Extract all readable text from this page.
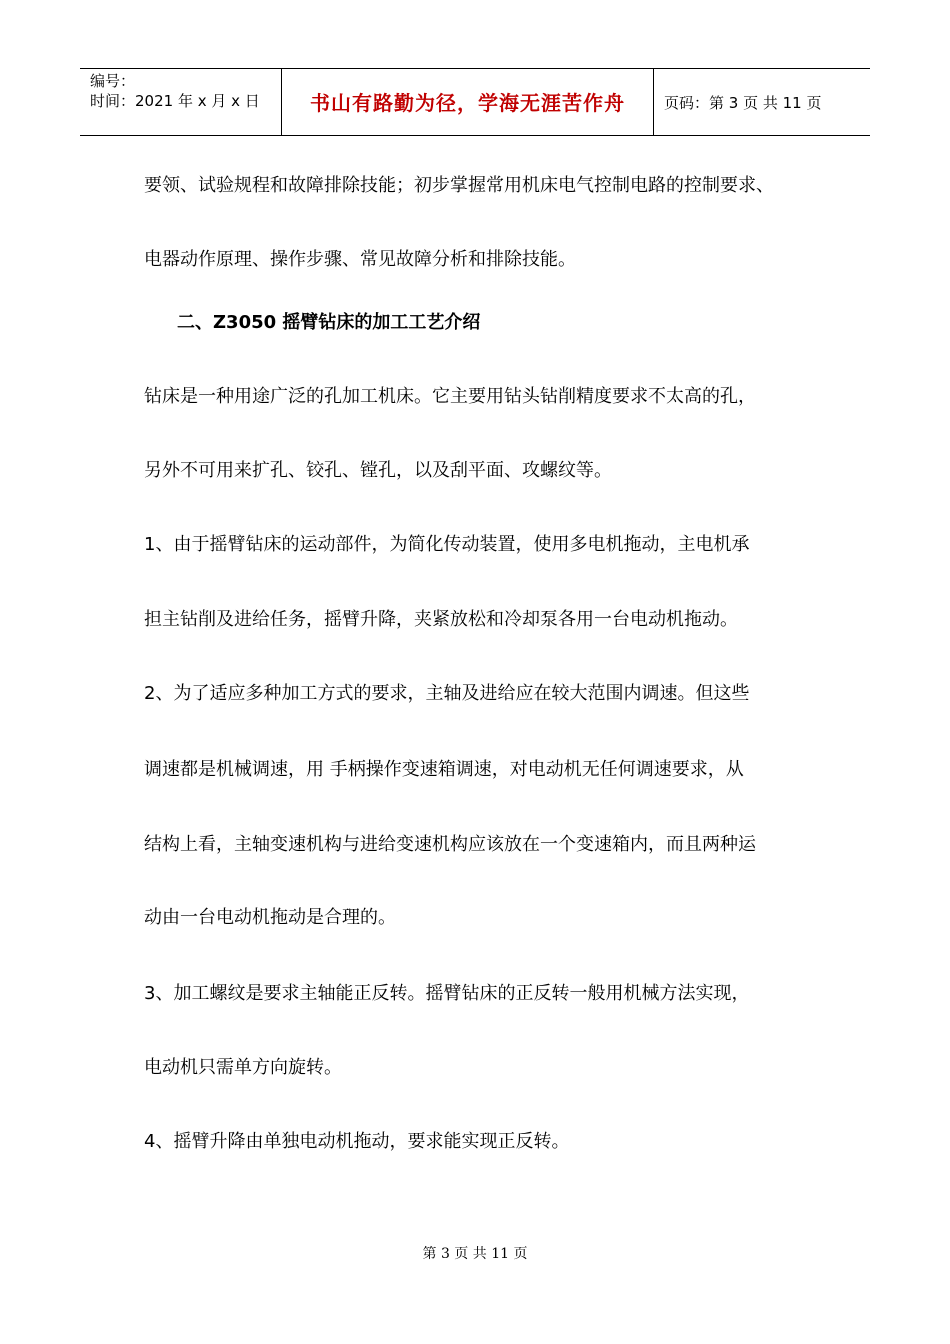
编号：
时间：2021 年 x 月 x 日	书山有路勤为径，学海无涯苦作舟	页码：第 3 页 共 11 页
要领、试验规程和故障排除技能；初步掌握常用机床电气控制电路的控制要求、
电器动作原理、操作步骤、常见故障分析和排除技能。
二、Z3050 摇臂钻床的加工工艺介绍
钻床是一种用途广泛的孔加工机床。它主要用钻头钻削精度要求不太高的孔，
另外不可用来扩孔、铰孔、镗孔，以及刮平面、攻螺纹等。
1、由于摇臂钻床的运动部件，为简化传动装置，使用多电机拖动，主电机承
担主钻削及进给任务，摇臂升降，夹紧放松和冷却泵各用一台电动机拖动。
2、为了适应多种加工方式的要求，主轴及进给应在较大范围内调速。但这些
调速都是机械调速，用 手柄操作变速箱调速，对电动机无任何调速要求，从
结构上看，主轴变速机构与进给变速机构应该放在一个变速箱内，而且两种运
动由一台电动机拖动是合理的。
3、加工螺纹是要求主轴能正反转。摇臂钻床的正反转一般用机械方法实现，
电动机只需单方向旋转。
4、摇臂升降由单独电动机拖动，要求能实现正反转。
第 3 页 共 11 页
